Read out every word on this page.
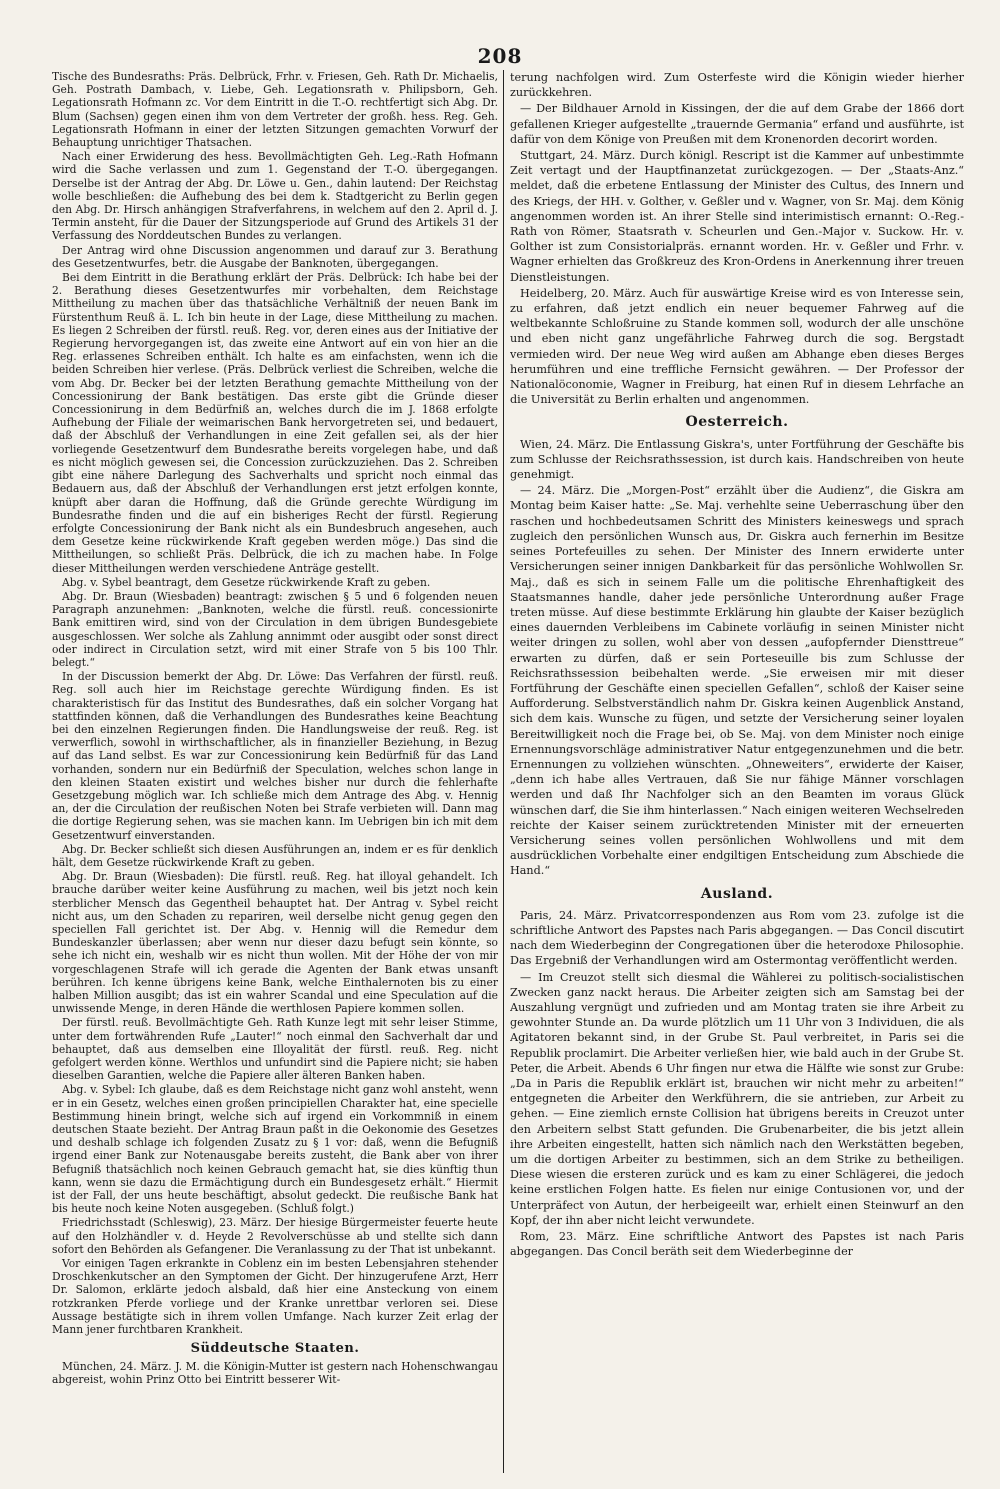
208

Tische des Bundesraths: Präs. Delbrück, Frhr. v. Friesen, Geh. Rath Dr. Michaelis, Geh. Postrath Dambach, v. Liebe, Geh. Legationsrath v. Philipsborn, Geh. Legationsrath Hofmann zc. Vor dem Eintritt in die T.-O. rechtfertigt sich Abg. Dr. Blum (Sachsen) gegen einen ihm von dem Vertreter der großh. hess. Reg. Geh. Legationsrath Hofmann in einer der letzten Sitzungen gemachten Vorwurf der Behauptung unrichtiger Thatsachen.

Nach einer Erwiderung des hess. Bevollmächtigten Geh. Leg.-Rath Hofmann wird die Sache verlassen und zum 1. Gegenstand der T.-O. übergegangen. Derselbe ist der Antrag der Abg. Dr. Löwe u. Gen., dahin lautend: Der Reichstag wolle beschließen: die Aufhebung des bei dem k. Stadtgericht zu Berlin gegen den Abg. Dr. Hirsch anhängigen Strafverfahrens, in welchem auf den 2. April d. J. Termin ansteht, für die Dauer der Sitzungsperiode auf Grund des Artikels 31 der Verfassung des Norddeutschen Bundes zu verlangen.

Der Antrag wird ohne Discussion angenommen und darauf zur 3. Berathung des Gesetzentwurfes, betr. die Ausgabe der Banknoten, übergegangen.

Bei dem Eintritt in die Berathung erklärt der Präs. Delbrück: Ich habe bei der 2. Berathung dieses Gesetzentwurfes mir vorbehalten, dem Reichstage Mittheilung zu machen über das thatsächliche Verhältniß der neuen Bank im Fürstenthum Reuß ä. L. Ich bin heute in der Lage, diese Mittheilung zu machen. Es liegen 2 Schreiben der fürstl. reuß. Reg. vor, deren eines aus der Initiative der Regierung hervorgegangen ist, das zweite eine Antwort auf ein von hier an die Reg. erlassenes Schreiben enthält. Ich halte es am einfachsten, wenn ich die beiden Schreiben hier verlese. (Präs. Delbrück verliest die Schreiben, welche die vom Abg. Dr. Becker bei der letzten Berathung gemachte Mittheilung von der Concessionirung der Bank bestätigen. Das erste gibt die Gründe dieser Concessionirung in dem Bedürfniß an, welches durch die im J. 1868 erfolgte Aufhebung der Filiale der weimarischen Bank hervorgetreten sei, und bedauert, daß der Abschluß der Verhandlungen in eine Zeit gefallen sei, als der hier vorliegende Gesetzentwurf dem Bundesrathe bereits vorgelegen habe, und daß es nicht möglich gewesen sei, die Concession zurückzuziehen. Das 2. Schreiben gibt eine nähere Darlegung des Sachverhalts und spricht noch einmal das Bedauern aus, daß der Abschluß der Verhandlungen erst jetzt erfolgen konnte, knüpft aber daran die Hoffnung, daß die Gründe gerechte Würdigung im Bundesrathe finden und die auf ein bisheriges Recht der fürstl. Regierung erfolgte Concessionirung der Bank nicht als ein Bundesbruch angesehen, auch dem Gesetze keine rückwirkende Kraft gegeben werden möge.) Das sind die Mittheilungen, so schließt Präs. Delbrück, die ich zu machen habe. In Folge dieser Mittheilungen werden verschiedene Anträge gestellt.

Abg. v. Sybel beantragt, dem Gesetze rückwirkende Kraft zu geben.

Abg. Dr. Braun (Wiesbaden) beantragt: zwischen § 5 und 6 folgenden neuen Paragraph anzunehmen: „Banknoten, welche die fürstl. reuß. concessionirte Bank emittiren wird, sind von der Circulation in dem übrigen Bundesgebiete ausgeschlossen. Wer solche als Zahlung annimmt oder ausgibt oder sonst direct oder indirect in Circulation setzt, wird mit einer Strafe von 5 bis 100 Thlr. belegt.“

In der Discussion bemerkt der Abg. Dr. Löwe: Das Verfahren der fürstl. reuß. Reg. soll auch hier im Reichstage gerechte Würdigung finden. Es ist charakteristisch für das Institut des Bundesrathes, daß ein solcher Vorgang hat stattfinden können, daß die Verhandlungen des Bundesrathes keine Beachtung bei den einzelnen Regierungen finden. Die Handlungsweise der reuß. Reg. ist verwerflich, sowohl in wirthschaftlicher, als in finanzieller Beziehung, in Bezug auf das Land selbst. Es war zur Concessionirung kein Bedürfniß für das Land vorhanden, sondern nur ein Bedürfniß der Speculation, welches schon lange in den kleinen Staaten existirt und welches bisher nur durch die fehlerhafte Gesetzgebung möglich war. Ich schließe mich dem Antrage des Abg. v. Hennig an, der die Circulation der reußischen Noten bei Strafe verbieten will. Dann mag die dortige Regierung sehen, was sie machen kann. Im Uebrigen bin ich mit dem Gesetzentwurf einverstanden.

Abg. Dr. Becker schließt sich diesen Ausführungen an, indem er es für denklich hält, dem Gesetze rückwirkende Kraft zu geben.

Abg. Dr. Braun (Wiesbaden): Die fürstl. reuß. Reg. hat illoyal gehandelt. Ich brauche darüber weiter keine Ausführung zu machen, weil bis jetzt noch kein sterblicher Mensch das Gegentheil behauptet hat. Der Antrag v. Sybel reicht nicht aus, um den Schaden zu repariren, weil derselbe nicht genug gegen den speciellen Fall gerichtet ist. Der Abg. v. Hennig will die Remedur dem Bundeskanzler überlassen; aber wenn nur dieser dazu befugt sein könnte, so sehe ich nicht ein, weshalb wir es nicht thun wollen. Mit der Höhe der von mir vorgeschlagenen Strafe will ich gerade die Agenten der Bank etwas unsanft berühren. Ich kenne übrigens keine Bank, welche Einthalernoten bis zu einer halben Million ausgibt; das ist ein wahrer Scandal und eine Speculation auf die unwissende Menge, in deren Hände die werthlosen Papiere kommen sollen.

Der fürstl. reuß. Bevollmächtigte Geh. Rath Kunze legt mit sehr leiser Stimme, unter dem fortwährenden Rufe „Lauter!“ noch einmal den Sachverhalt dar und behauptet, daß aus demselben eine Illoyalität der fürstl. reuß. Reg. nicht gefolgert werden könne. Werthlos und unfundirt sind die Papiere nicht; sie haben dieselben Garantien, welche die Papiere aller älteren Banken haben.

Abg. v. Sybel: Ich glaube, daß es dem Reichstage nicht ganz wohl ansteht, wenn er in ein Gesetz, welches einen großen principiellen Charakter hat, eine specielle Bestimmung hinein bringt, welche sich auf irgend ein Vorkommniß in einem deutschen Staate bezieht. Der Antrag Braun paßt in die Oekonomie des Gesetzes und deshalb schlage ich folgenden Zusatz zu § 1 vor: daß, wenn die Befugniß irgend einer Bank zur Notenausgabe bereits zusteht, die Bank aber von ihrer Befugniß thatsächlich noch keinen Gebrauch gemacht hat, sie dies künftig thun kann, wenn sie dazu die Ermächtigung durch ein Bundesgesetz erhält.“ Hiermit ist der Fall, der uns heute beschäftigt, absolut gedeckt. Die reußische Bank hat bis heute noch keine Noten ausgegeben. (Schluß folgt.)

Friedrichsstadt (Schleswig), 23. März. Der hiesige Bürgermeister feuerte heute auf den Holzhändler v. d. Heyde 2 Revolverschüsse ab und stellte sich dann sofort den Behörden als Gefangener. Die Veranlassung zu der That ist unbekannt.

Vor einigen Tagen erkrankte in Coblenz ein im besten Lebensjahren stehender Droschkenkutscher an den Symptomen der Gicht. Der hinzugerufene Arzt, Herr Dr. Salomon, erklärte jedoch alsbald, daß hier eine Ansteckung von einem rotzkranken Pferde vorliege und der Kranke unrettbar verloren sei. Diese Aussage bestätigte sich in ihrem vollen Umfange. Nach kurzer Zeit erlag der Mann jener furchtbaren Krankheit.

Süddeutsche Staaten.

München, 24. März. J. M. die Königin-Mutter ist gestern nach Hohenschwangau abgereist, wohin Prinz Otto bei Eintritt besserer Wit-

terung nachfolgen wird. Zum Osterfeste wird die Königin wieder hierher zurückkehren.

— Der Bildhauer Arnold in Kissingen, der die auf dem Grabe der 1866 dort gefallenen Krieger aufgestellte „trauernde Germania“ erfand und ausführte, ist dafür von dem Könige von Preußen mit dem Kronenorden decorirt worden.

Stuttgart, 24. März. Durch königl. Rescript ist die Kammer auf unbestimmte Zeit vertagt und der Hauptfinanzetat zurückgezogen. — Der „Staats-Anz.“ meldet, daß die erbetene Entlassung der Minister des Cultus, des Innern und des Kriegs, der HH. v. Golther, v. Geßler und v. Wagner, von Sr. Maj. dem König angenommen worden ist. An ihrer Stelle sind interimistisch ernannt: O.-Reg.-Rath von Römer, Staatsrath v. Scheurlen und Gen.-Major v. Suckow. Hr. v. Golther ist zum Consistorialpräs. ernannt worden. Hr. v. Geßler und Frhr. v. Wagner erhielten das Großkreuz des Kron-Ordens in Anerkennung ihrer treuen Dienstleistungen.

Heidelberg, 20. März. Auch für auswärtige Kreise wird es von Interesse sein, zu erfahren, daß jetzt endlich ein neuer bequemer Fahrweg auf die weltbekannte Schloßruine zu Stande kommen soll, wodurch der alle unschöne und eben nicht ganz ungefährliche Fahrweg durch die sog. Bergstadt vermieden wird. Der neue Weg wird außen am Abhange eben dieses Berges herumführen und eine treffliche Fernsicht gewähren. — Der Professor der Nationalöconomie, Wagner in Freiburg, hat einen Ruf in diesem Lehrfache an die Universität zu Berlin erhalten und angenommen.

Oesterreich.

Wien, 24. März. Die Entlassung Giskra's, unter Fortführung der Geschäfte bis zum Schlusse der Reichsrathssession, ist durch kais. Handschreiben von heute genehmigt.

— 24. März. Die „Morgen-Post“ erzählt über die Audienz“, die Giskra am Montag beim Kaiser hatte: „Se. Maj. verhehlte seine Ueberraschung über den raschen und hochbedeutsamen Schritt des Ministers keineswegs und sprach zugleich den persönlichen Wunsch aus, Dr. Giskra auch fernerhin im Besitze seines Portefeuilles zu sehen. Der Minister des Innern erwiderte unter Versicherungen seiner innigen Dankbarkeit für das persönliche Wohlwollen Sr. Maj., daß es sich in seinem Falle um die politische Ehrenhaftigkeit des Staatsmannes handle, daher jede persönliche Unterordnung außer Frage treten müsse. Auf diese bestimmte Erklärung hin glaubte der Kaiser bezüglich eines dauernden Verbleibens im Cabinete vorläufig in seinen Minister nicht weiter dringen zu sollen, wohl aber von dessen „aufopfernder Diensttreue“ erwarten zu dürfen, daß er sein Porteseuille bis zum Schlusse der Reichsrathssession beibehalten werde. „Sie erweisen mir mit dieser Fortführung der Geschäfte einen speciellen Gefallen“, schloß der Kaiser seine Aufforderung. Selbstverständlich nahm Dr. Giskra keinen Augenblick Anstand, sich dem kais. Wunsche zu fügen, und setzte der Versicherung seiner loyalen Bereitwilligkeit noch die Frage bei, ob Se. Maj. von dem Minister noch einige Ernennungsvorschläge administrativer Natur entgegenzunehmen und die betr. Ernennungen zu vollziehen wünschten. „Ohneweiters“, erwiderte der Kaiser, „denn ich habe alles Vertrauen, daß Sie nur fähige Männer vorschlagen werden und daß Ihr Nachfolger sich an den Beamten im voraus Glück wünschen darf, die Sie ihm hinterlassen.“ Nach einigen weiteren Wechselreden reichte der Kaiser seinem zurücktretenden Minister mit der erneuerten Versicherung seines vollen persönlichen Wohlwollens und mit dem ausdrücklichen Vorbehalte einer endgiltigen Entscheidung zum Abschiede die Hand.“

Ausland.

Paris, 24. März. Privatcorrespondenzen aus Rom vom 23. zufolge ist die schriftliche Antwort des Papstes nach Paris abgegangen. — Das Concil discutirt nach dem Wiederbeginn der Congregationen über die heterodoxe Philosophie. Das Ergebniß der Verhandlungen wird am Ostermontag veröffentlicht werden.

— Im Creuzot stellt sich diesmal die Wählerei zu politisch-socialistischen Zwecken ganz nackt heraus. Die Arbeiter zeigten sich am Samstag bei der Auszahlung vergnügt und zufrieden und am Montag traten sie ihre Arbeit zu gewohnter Stunde an. Da wurde plötzlich um 11 Uhr von 3 Individuen, die als Agitatoren bekannt sind, in der Grube St. Paul verbreitet, in Paris sei die Republik proclamirt. Die Arbeiter verließen hier, wie bald auch in der Grube St. Peter, die Arbeit. Abends 6 Uhr fingen nur etwa die Hälfte wie sonst zur Grube: „Da in Paris die Republik erklärt ist, brauchen wir nicht mehr zu arbeiten!“ entgegneten die Arbeiter den Werkführern, die sie antrieben, zur Arbeit zu gehen. — Eine ziemlich ernste Collision hat übrigens bereits in Creuzot unter den Arbeitern selbst Statt gefunden. Die Grubenarbeiter, die bis jetzt allein ihre Arbeiten eingestellt, hatten sich nämlich nach den Werkstätten begeben, um die dortigen Arbeiter zu bestimmen, sich an dem Strike zu betheiligen. Diese wiesen die ersteren zurück und es kam zu einer Schlägerei, die jedoch keine erstlichen Folgen hatte. Es fielen nur einige Contusionen vor, und der Unterpräfect von Autun, der herbeigeeilt war, erhielt einen Steinwurf an den Kopf, der ihn aber nicht leicht verwundete.

Rom, 23. März. Eine schriftliche Antwort des Papstes ist nach Paris abgegangen. Das Concil beräth seit dem Wiederbeginne der
